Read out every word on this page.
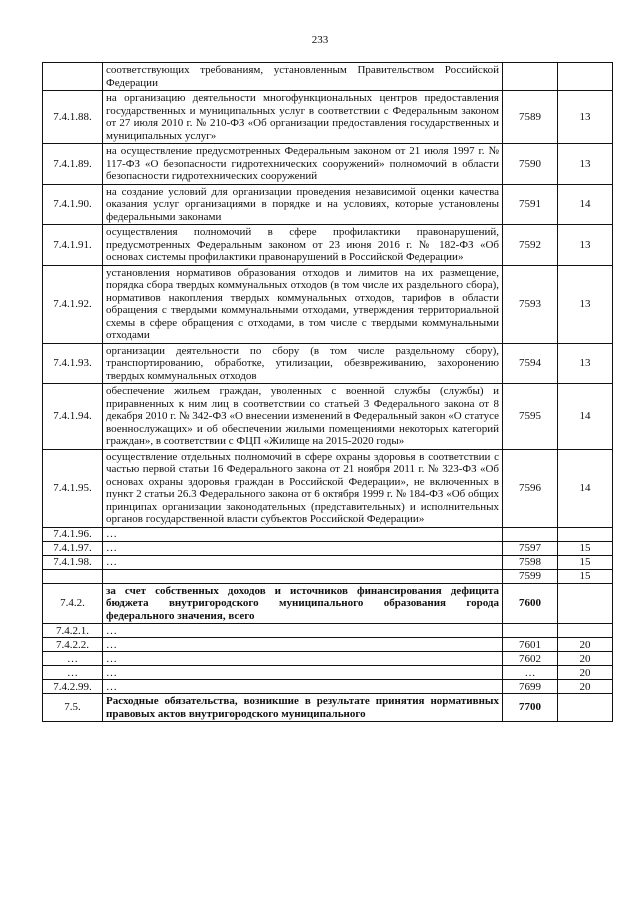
233
	соответствующих требованиям, установленным Правительством Российской Федерации		
7.4.1.88.	на организацию деятельности многофункциональных центров предоставления государственных и муниципальных услуг в соответствии с Федеральным законом от 27 июля 2010 г. № 210-ФЗ «Об организации предоставления государственных и муниципальных услуг»	7589	13
7.4.1.89.	на осуществление предусмотренных Федеральным законом от 21 июля 1997 г. № 117-ФЗ «О безопасности гидротехнических сооружений» полномочий в области безопасности гидротехнических сооружений	7590	13
7.4.1.90.	на создание условий для организации проведения независимой оценки качества оказания услуг организациями в порядке и на условиях, которые установлены федеральными законами	7591	14
7.4.1.91.	осуществления полномочий в сфере профилактики правонарушений, предусмотренных Федеральным законом от 23 июня 2016 г. № 182-ФЗ «Об основах системы профилактики правонарушений в Российской Федерации»	7592	13
7.4.1.92.	установления нормативов образования отходов и лимитов на их размещение, порядка сбора твердых коммунальных отходов (в том числе их раздельного сбора), нормативов накопления твердых коммунальных отходов, тарифов в области обращения с твердыми коммунальными отходами, утверждения территориальной схемы в сфере обращения с отходами, в том числе с твердыми коммунальными отходами	7593	13
7.4.1.93.	организации деятельности по сбору (в том числе раздельному сбору), транспортированию, обработке, утилизации, обезвреживанию, захоронению твердых коммунальных отходов	7594	13
7.4.1.94.	обеспечение жильем граждан, уволенных с военной службы (службы) и приравненных к ним лиц в соответствии со статьей 3 Федерального закона от 8 декабря 2010 г. № 342-ФЗ «О внесении изменений в Федеральный закон «О статусе военнослужащих» и об обеспечении жилыми помещениями некоторых категорий граждан», в соответствии с ФЦП «Жилище на 2015-2020 годы»	7595	14
7.4.1.95.	осуществление отдельных полномочий в сфере охраны здоровья в соответствии с частью первой статьи 16 Федерального закона от 21 ноября 2011 г. № 323-ФЗ «Об основах охраны здоровья граждан в Российской Федерации», не включенных в пункт 2 статьи 26.3 Федерального закона от 6 октября 1999 г. № 184-ФЗ «Об общих принципах организации законодательных (представительных) и исполнительных органов государственной власти субъектов Российской Федерации»	7596	14
7.4.1.96.	…		
7.4.1.97.	…	7597	15
7.4.1.98.	…	7598	15
		7599	15
7.4.2.	за счет собственных доходов и источников финансирования дефицита бюджета внутригородского муниципального образования города федерального значения, всего	7600	
7.4.2.1.	…		
7.4.2.2.	…	7601	20
…	…	7602	20
…	…	…	20
7.4.2.99.	…	7699	20
7.5.	Расходные обязательства, возникшие в результате принятия нормативных правовых актов внутригородского муниципального	7700	
